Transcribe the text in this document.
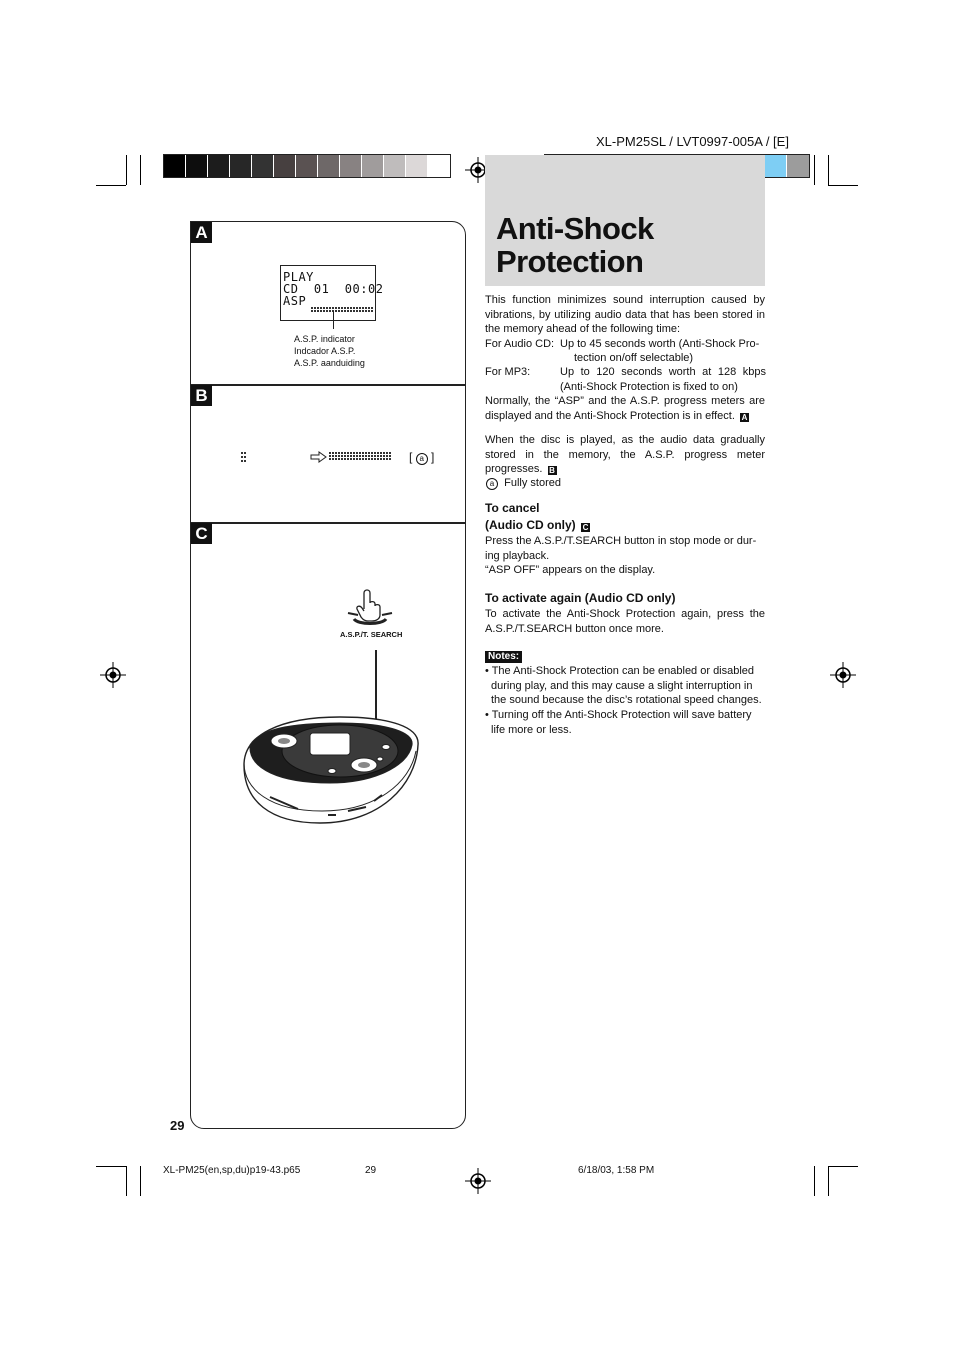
XL-PM25SL / LVT0997-005A / [E]
A
B
C
PLAY
CD  01  00:02
ASP
A.S.P. indicator
Indcador A.S.P.
A.S.P. aanduiding
[ a ]
A.S.P./T. SEARCH
29
Anti-Shock
Protection
This function minimizes sound interruption caused by vibrations, by utilizing audio data that has been stored in the memory ahead of the following time:
For Audio CD: Up to 45 seconds worth (Anti-Shock Pro-
tection on/off selectable)
For MP3:	Up to 120 seconds worth at 128 kbps
(Anti-Shock Protection is fixed to on)
Normally, the “ASP” and the A.S.P. progress meters are displayed and the Anti-Shock Protection is in effect. A
When the disc is played, as the audio data gradually stored in the memory, the A.S.P. progress meter progresses. B
a Fully stored
To cancel
(Audio CD only) C
Press the A.S.P./T.SEARCH button in stop mode or dur- ing playback.
“ASP OFF” appears on the display.
To activate again (Audio CD only)
To activate the Anti-Shock Protection again, press the A.S.P./T.SEARCH button once more.
Notes:
• The Anti-Shock Protection can be enabled or disabled during play, and this may cause a slight interruption in the sound because the disc’s rotational speed changes.
• Turning off the Anti-Shock Protection will save battery life more or less.
XL-PM25(en,sp,du)p19-43.p65	29	6/18/03, 1:58 PM
